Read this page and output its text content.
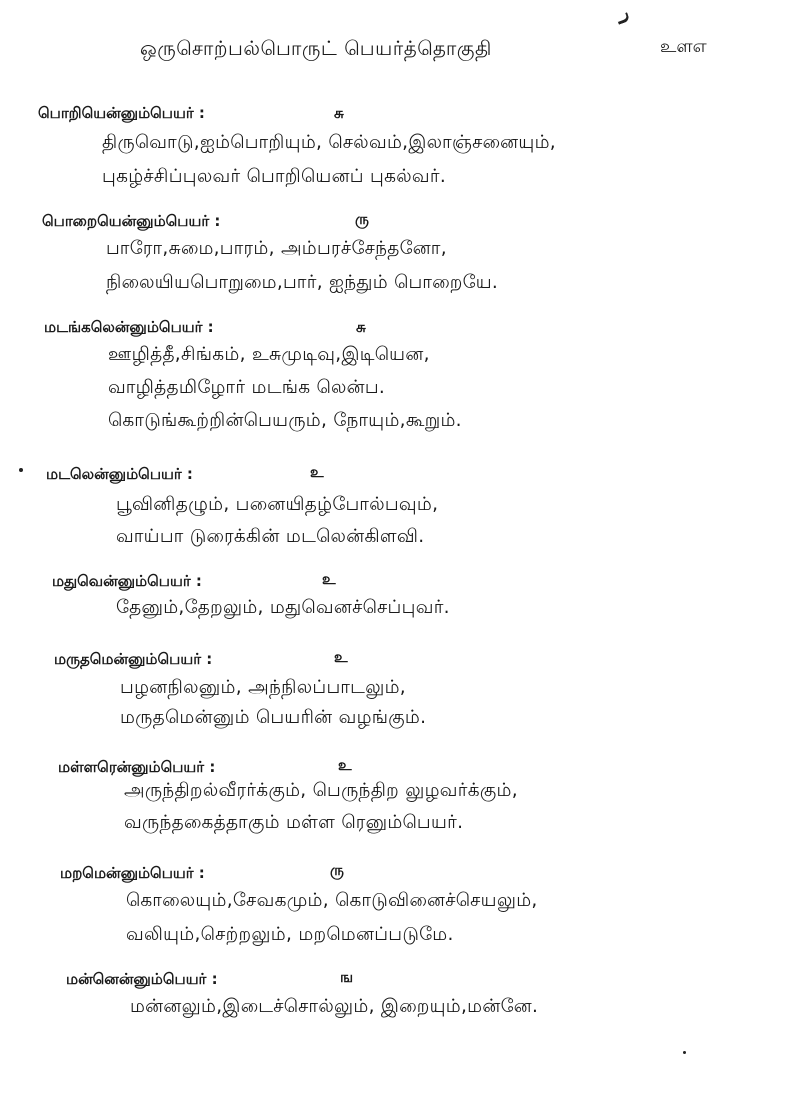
ஒருசொற்பல்பொருட் பெயர்த்தொகுதி	உளஎ
பொறியென்னும்பெயர் :	சு
திருவொடு,ஐம்பொறியும், செல்வம்,இலாஞ்சனையும்,
புகழ்ச்சிப்புலவர் பொறியெனப் புகல்வர்.
பொறையென்னும்பெயர் :	ரு
பாரோ,சுமை,பாரம், அம்பரச்சேந்தனோ,
நிலையியபொறுமை,பார், ஐந்தும் பொறையே.
மடங்கலென்னும்பெயர் :	சு
ஊழித்தீ,சிங்கம், உசுமுடிவு,இடியென,
வாழித்தமிழோர் மடங்க லென்ப.
கொடுங்கூற்றின்பெயரும், நோயும்,கூறும்.
மடலென்னும்பெயர் :	உ
பூவினிதழும், பனையிதழ்போல்பவும்,
வாய்பா டுரைக்கின் மடலென்கிளவி.
மதுவென்னும்பெயர் :	உ
தேனும்,தேறலும், மதுவெனச்செப்புவர்.
மருதமென்னும்பெயர் :	உ
பழனநிலனும், அந்நிலப்பாடலும்,
மருதமென்னும் பெயரின் வழங்கும்.
மள்ளரென்னும்பெயர் :	உ
அருந்திறல்வீரர்க்கும், பெருந்திற லுழவர்க்கும்,
வருந்தகைத்தாகும் மள்ள ரெனும்பெயர்.
மறமென்னும்பெயர் :	ரு
கொலையும்,சேவகமும், கொடுவினைச்செயலும்,
வலியும்,செற்றலும், மறமெனப்படுமே.
மன்னென்னும்பெயர் :	ங
மன்னலும்,இடைச்சொல்லும், இறையும்,மன்னே.
